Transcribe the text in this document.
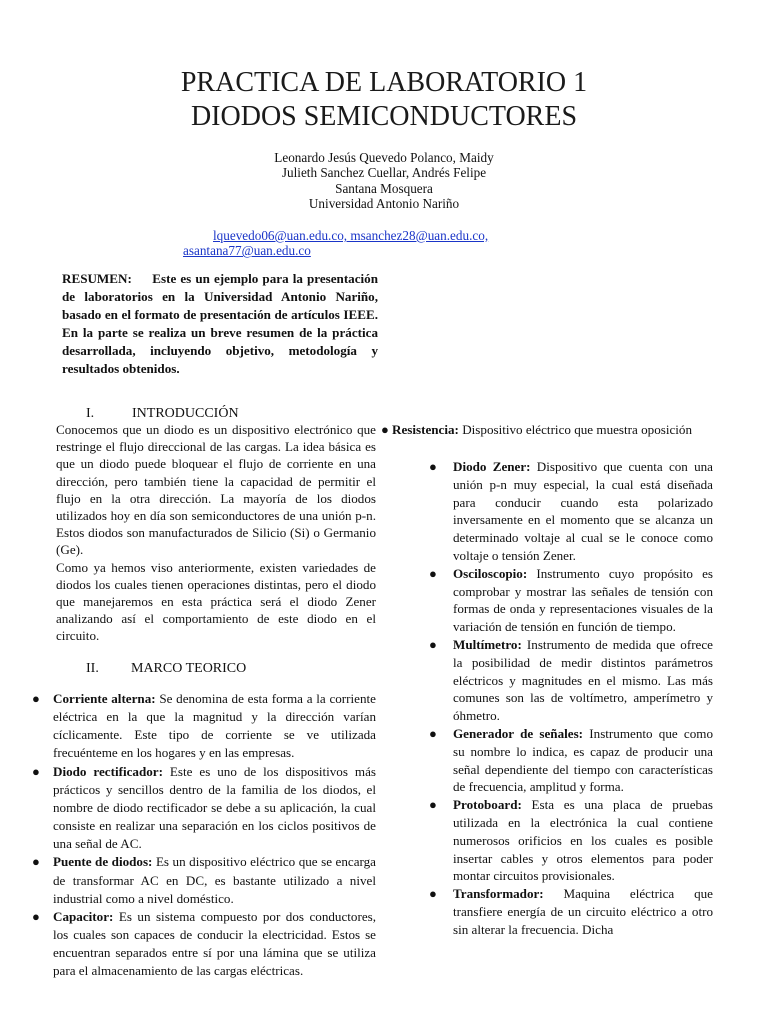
PRACTICA DE LABORATORIO 1
DIODOS SEMICONDUCTORES
Leonardo Jesús Quevedo Polanco, Maidy
Julieth Sanchez Cuellar, Andrés Felipe
Santana Mosquera
Universidad Antonio Nariño
lquevedo06@uan.edu.co, msanchez28@uan.edu.co,
asantana77@uan.edu.co
RESUMEN: Este es un ejemplo para la presentación de laboratorios en la Universidad Antonio Nariño, basado en el formato de presentación de artículos IEEE. En la parte se realiza un breve resumen de la práctica desarrollada, incluyendo objetivo, metodología y resultados obtenidos.
I.	INTRODUCCIÓN

Conocemos que un diodo es un dispositivo electrónico que restringe el flujo direccional de las cargas. La idea básica es que un diodo puede bloquear el flujo de corriente en una dirección, pero también tiene la capacidad de permitir el flujo en la otra dirección. La mayoría de los diodos utilizados hoy en día son semiconductores de una unión p-n. Estos diodos son manufacturados de Silicio (Si) o Germanio (Ge).

Como ya hemos viso anteriormente, existen variedades de diodos los cuales tienen operaciones distintas, pero el diodo que manejaremos en esta práctica será el diodo Zener analizando así el comportamiento de este diodo en el circuito.

II. MARCO TEORICO
● Corriente alterna: Se denomina de esta forma a la corriente eléctrica en la que la magnitud y la dirección varían cíclicamente. Este tipo de corriente se ve utilizada frecuénteme en los hogares y en las empresas.
● Diodo rectificador: Este es uno de los dispositivos más prácticos y sencillos dentro de la familia de los diodos, el nombre de diodo rectificador se debe a su aplicación, la cual consiste en realizar una separación en los ciclos positivos de una señal de AC.
● Puente de diodos: Es un dispositivo eléctrico que se encarga de transformar AC en DC, es bastante utilizado a nivel industrial como a nivel doméstico.
● Capacitor: Es un sistema compuesto por dos conductores, los cuales son capaces de conducir la electricidad. Estos se encuentran separados entre sí por una lámina que se utiliza para el almacenamiento de las cargas eléctricas.
● Resistencia: Dispositivo eléctrico que muestra oposición
● Diodo Zener: Dispositivo que cuenta con una unión p-n muy especial, la cual está diseñada para conducir cuando esta polarizado inversamente en el momento que se alcanza un determinado voltaje al cual se le conoce como voltaje o tensión Zener.
● Osciloscopio: Instrumento cuyo propósito es comprobar y mostrar las señales de tensión con formas de onda y representaciones visuales de la variación de tensión en función de tiempo.
● Multímetro: Instrumento de medida que ofrece la posibilidad de medir distintos parámetros eléctricos y magnitudes en el mismo. Las más comunes son las de voltímetro, amperímetro y óhmetro.
● Generador de señales: Instrumento que como su nombre lo indica, es capaz de producir una señal dependiente del tiempo con características de frecuencia, amplitud y forma.
● Protoboard: Esta es una placa de pruebas utilizada en la electrónica la cual contiene numerosos orificios en los cuales es posible insertar cables y otros elementos para poder montar circuitos provisionales.
● Transformador: Maquina eléctrica que transfiere energía de un circuito eléctrico a otro sin alterar la frecuencia. Dicha
